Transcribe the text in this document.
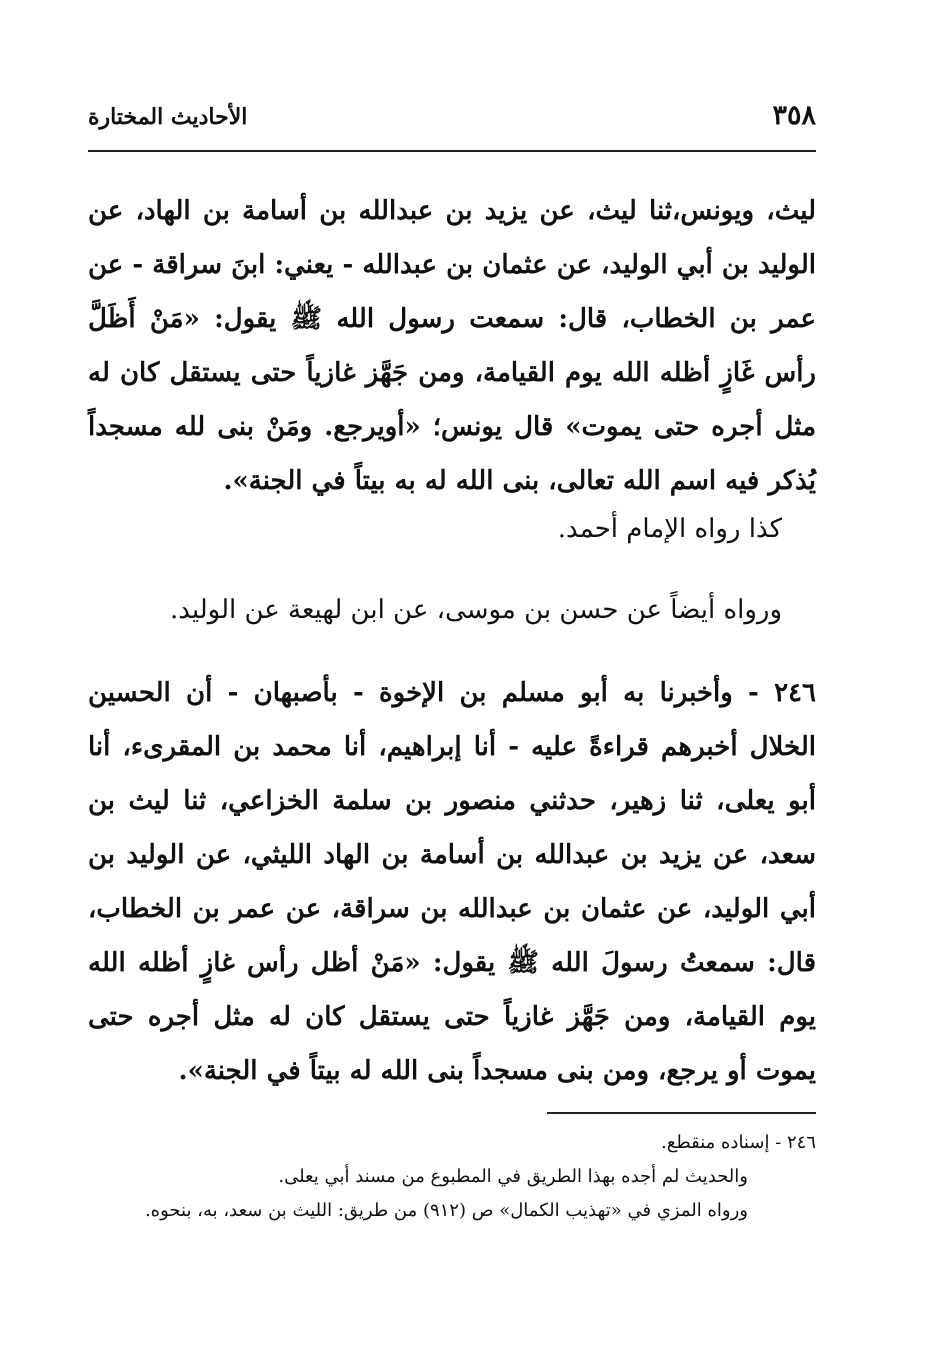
٣٥٨
الأحاديث المختارة
ليث، ويونس،ثنا ليث، عن يزيد بن عبدالله بن أسامة بن الهاد، عن الوليد بن أبي الوليد، عن عثمان بن عبدالله - يعني: ابنَ سراقة - عن عمر بن الخطاب، قال: سمعت رسول الله ﷺ يقول: «مَنْ أَظَلَّ رأس غَازٍ أظله الله يوم القيامة، ومن جَهَّز غازياً حتى يستقل كان له مثل أجره حتى يموت» قال يونس؛ «أويرجع. ومَنْ بنى لله مسجداً يُذكر فيه اسم الله تعالى، بنى الله له به بيتاً في الجنة».
كذا رواه الإمام أحمد.
ورواه أيضاً عن حسن بن موسى، عن ابن لهيعة عن الوليد.
٢٤٦ - وأخبرنا به أبو مسلم بن الإخوة - بأصبهان - أن الحسين الخلال أخبرهم قراءةً عليه - أنا إبراهيم، أنا محمد بن المقرىء، أنا أبو يعلى، ثنا زهير، حدثني منصور بن سلمة الخزاعي، ثنا ليث بن سعد، عن يزيد بن عبدالله بن أسامة بن الهاد الليثي، عن الوليد بن أبي الوليد، عن عثمان بن عبدالله بن سراقة، عن عمر بن الخطاب، قال: سمعتُ رسولَ الله ﷺ يقول: «مَنْ أظل رأس غازٍ أظله الله يوم القيامة، ومن جَهَّز غازياً حتى يستقل كان له مثل أجره حتى يموت أو يرجع، ومن بنى مسجداً بنى الله له بيتاً في الجنة».
٢٤٦ - إسناده منقطع.
والحديث لم أجده بهذا الطريق في المطبوع من مسند أبي يعلى.
ورواه المزي في «تهذيب الكمال» ص (٩١٢) من طريق: الليث بن سعد، به، بنحوه.
